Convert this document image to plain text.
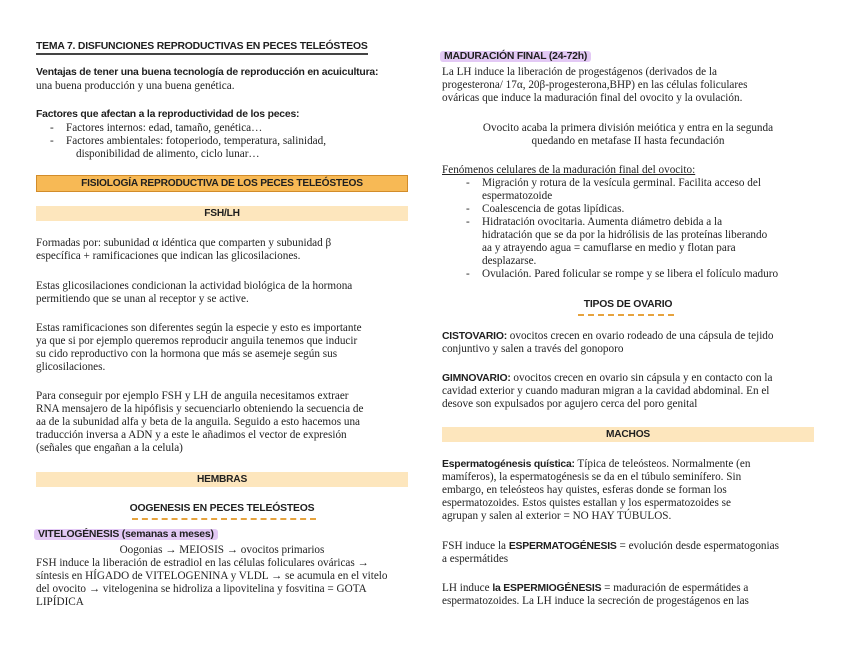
TEMA 7. DISFUNCIONES REPRODUCTIVAS EN PECES TELEÓSTEOS
Ventajas de tener una buena tecnología de reproducción en acuicultura:
una buena producción y una buena genética.
Factores que afectan a la reproductividad de los peces:
- Factores internos: edad, tamaño, genética…
- Factores ambientales: fotoperiodo, temperatura, salinidad,
disponibilidad de alimento, ciclo lunar…
FISIOLOGÍA REPRODUCTIVA DE LOS PECES TELEÓSTEOS
FSH/LH
Formadas por: subunidad α idéntica que comparten y subunidad β
específica + ramificaciones que indican las glicosilaciones.
Estas glicosilaciones condicionan la actividad biológica de la hormona
permitiendo que se unan al receptor y se active.
Estas ramificaciones son diferentes según la especie y esto es importante
ya que si por ejemplo queremos reproducir anguila tenemos que inducir
su cido reproductivo con la hormona que más se asemeje según sus
glicosilaciones.
Para conseguir por ejemplo FSH y LH de anguila necesitamos extraer
RNA mensajero de la hipófisis y secuenciarlo obteniendo la secuencia de
aa de la subunidad alfa y beta de la anguila. Seguido a esto hacemos una
traducción inversa a ADN y a este le añadimos el vector de expresión
(señales que engañan a la celula)
HEMBRAS
OOGENESIS EN PECES TELEÓSTEOS
VITELOGÉNESIS (semanas a meses)
Oogonias → MEIOSIS → ovocitos primarios
FSH induce la liberación de estradiol en las células foliculares ováricas →
síntesis en HÍGADO de VITELOGENINA y VLDL → se acumula en el vitelo
del ovocito → vitelogenina se hidroliza a lipovitelina y fosvitina = GOTA
LIPÍDICA
MADURACIÓN FINAL (24-72h)
La LH induce la liberación de progestágenos (derivados de la
progesterona/ 17α, 20β-progesterona,BHP) en las células foliculares
ováricas que induce la maduración final del ovocito y la ovulación.
Ovocito acaba la primera división meiótica y entra en la segunda
quedando en metafase II hasta fecundación
Fenómenos celulares de la maduración final del ovocito:
- Migración y rotura de la vesícula germinal. Facilita acceso del
espermatozoide
- Coalescencia de gotas lipídicas.
- Hidratación ovocitaria. Aumenta diámetro debida a la
hidratación que se da por la hidrólisis de las proteínas liberando
aa y atrayendo agua = camuflarse en medio y flotan para
desplazarse.
- Ovulación. Pared folicular se rompe y se libera el folículo maduro
TIPOS DE OVARIO
CISTOVARIO: ovocitos crecen en ovario rodeado de una cápsula de tejido
conjuntivo y salen a través del gonoporo
GIMNOVARIO: ovocitos crecen en ovario sin cápsula y en contacto con la
cavidad exterior y cuando maduran migran a la cavidad abdominal. En el
desove son expulsados por agujero cerca del poro genital
MACHOS
Espermatogénesis quística: Típica de teleósteos. Normalmente (en
mamíferos), la espermatogénesis se da en el túbulo seminífero. Sin
embargo, en teleósteos hay quistes, esferas donde se forman los
espermatozoides. Estos quistes estallan y los espermatozoides se
agrupan y salen al exterior = NO HAY TÚBULOS.
FSH induce la ESPERMATOGÉNESIS = evolución desde espermatogonias
a espermátides
LH induce la ESPERMIOGÉNESIS = maduración de espermátides a
espermatozoides. La LH induce la secreción de progestágenos en las
